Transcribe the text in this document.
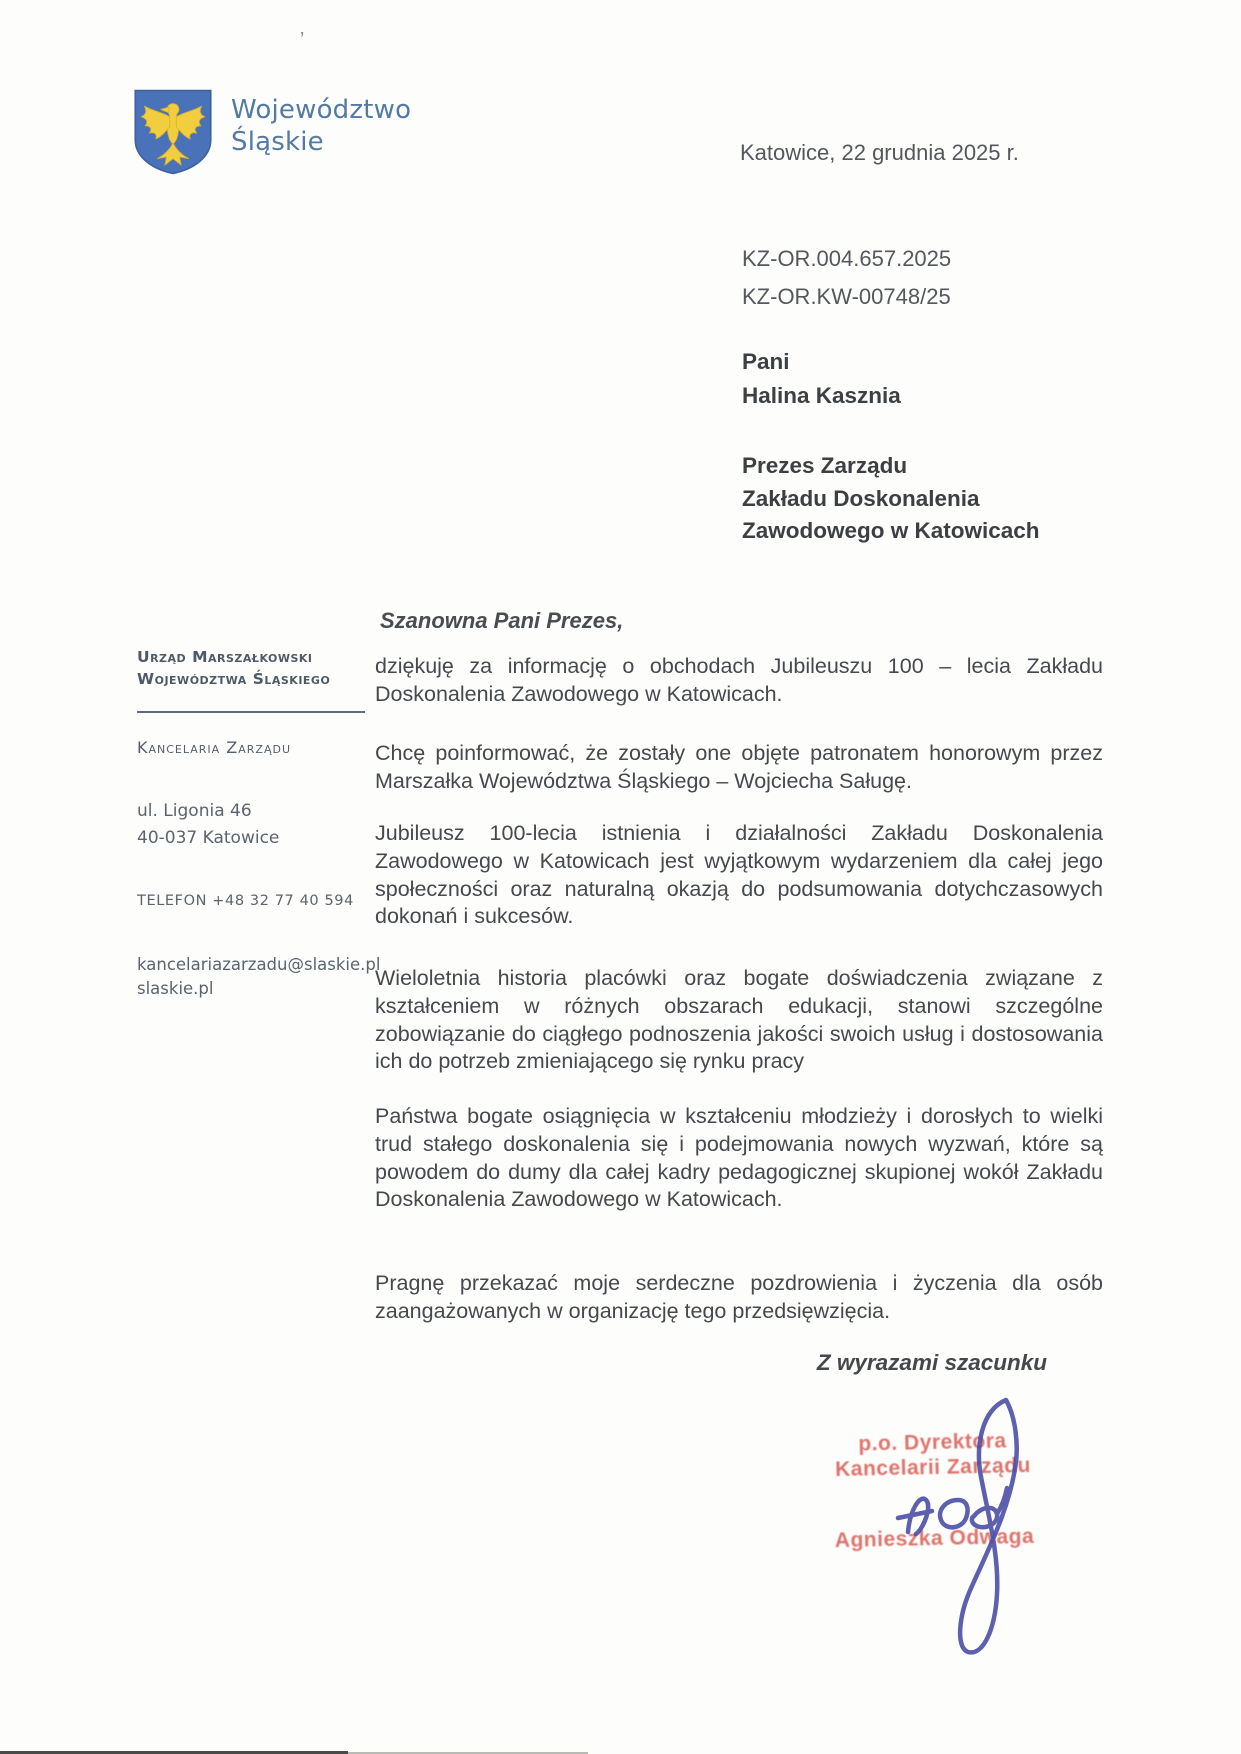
ʼ
Województwo
Śląskie	Katowice, 22 grudnia 2025 r.
KZ-OR.004.657.2025
KZ-OR.KW-00748/25
Pani
Halina Kasznia
Prezes Zarządu
Zakładu Doskonalenia
Zawodowego w Katowicach
Urząd Marszałkowski
Województwa Śląskiego
Kancelaria Zarządu
ul. Ligonia 46
40-037 Katowice
TELEFON +48 32 77 40 594
kancelariazarzadu@slaskie.pl
slaskie.pl
Szanowna Pani Prezes,

dziękuję za informację o obchodach Jubileuszu 100 – lecia Zakładu Doskonalenia Zawodowego w Katowicach.

Chcę poinformować, że zostały one objęte patronatem honorowym przez Marszałka Województwa Śląskiego – Wojciecha Saługę.

Jubileusz 100-lecia istnienia i działalności Zakładu Doskonalenia Zawodowego w Katowicach jest wyjątkowym wydarzeniem dla całej jego społeczności oraz naturalną okazją do podsumowania dotychczasowych dokonań i sukcesów.

Wieloletnia historia placówki oraz bogate doświadczenia związane z kształceniem w różnych obszarach edukacji, stanowi szczególne zobowiązanie do ciągłego podnoszenia jakości swoich usług i dostosowania ich do potrzeb zmieniającego się rynku pracy

Państwa bogate osiągnięcia w kształceniu młodzieży i dorosłych to wielki trud stałego doskonalenia się i podejmowania nowych wyzwań, które są powodem do dumy dla całej kadry pedagogicznej skupionej wokół Zakładu Doskonalenia Zawodowego w Katowicach.

Pragnę przekazać moje serdeczne pozdrowienia i życzenia dla osób zaangażowanych w organizację tego przedsięwzięcia.

Z wyrazami szacunku

p.o. Dyrektora
Kancelarii Zarządu
Agnieszka Odwaga
